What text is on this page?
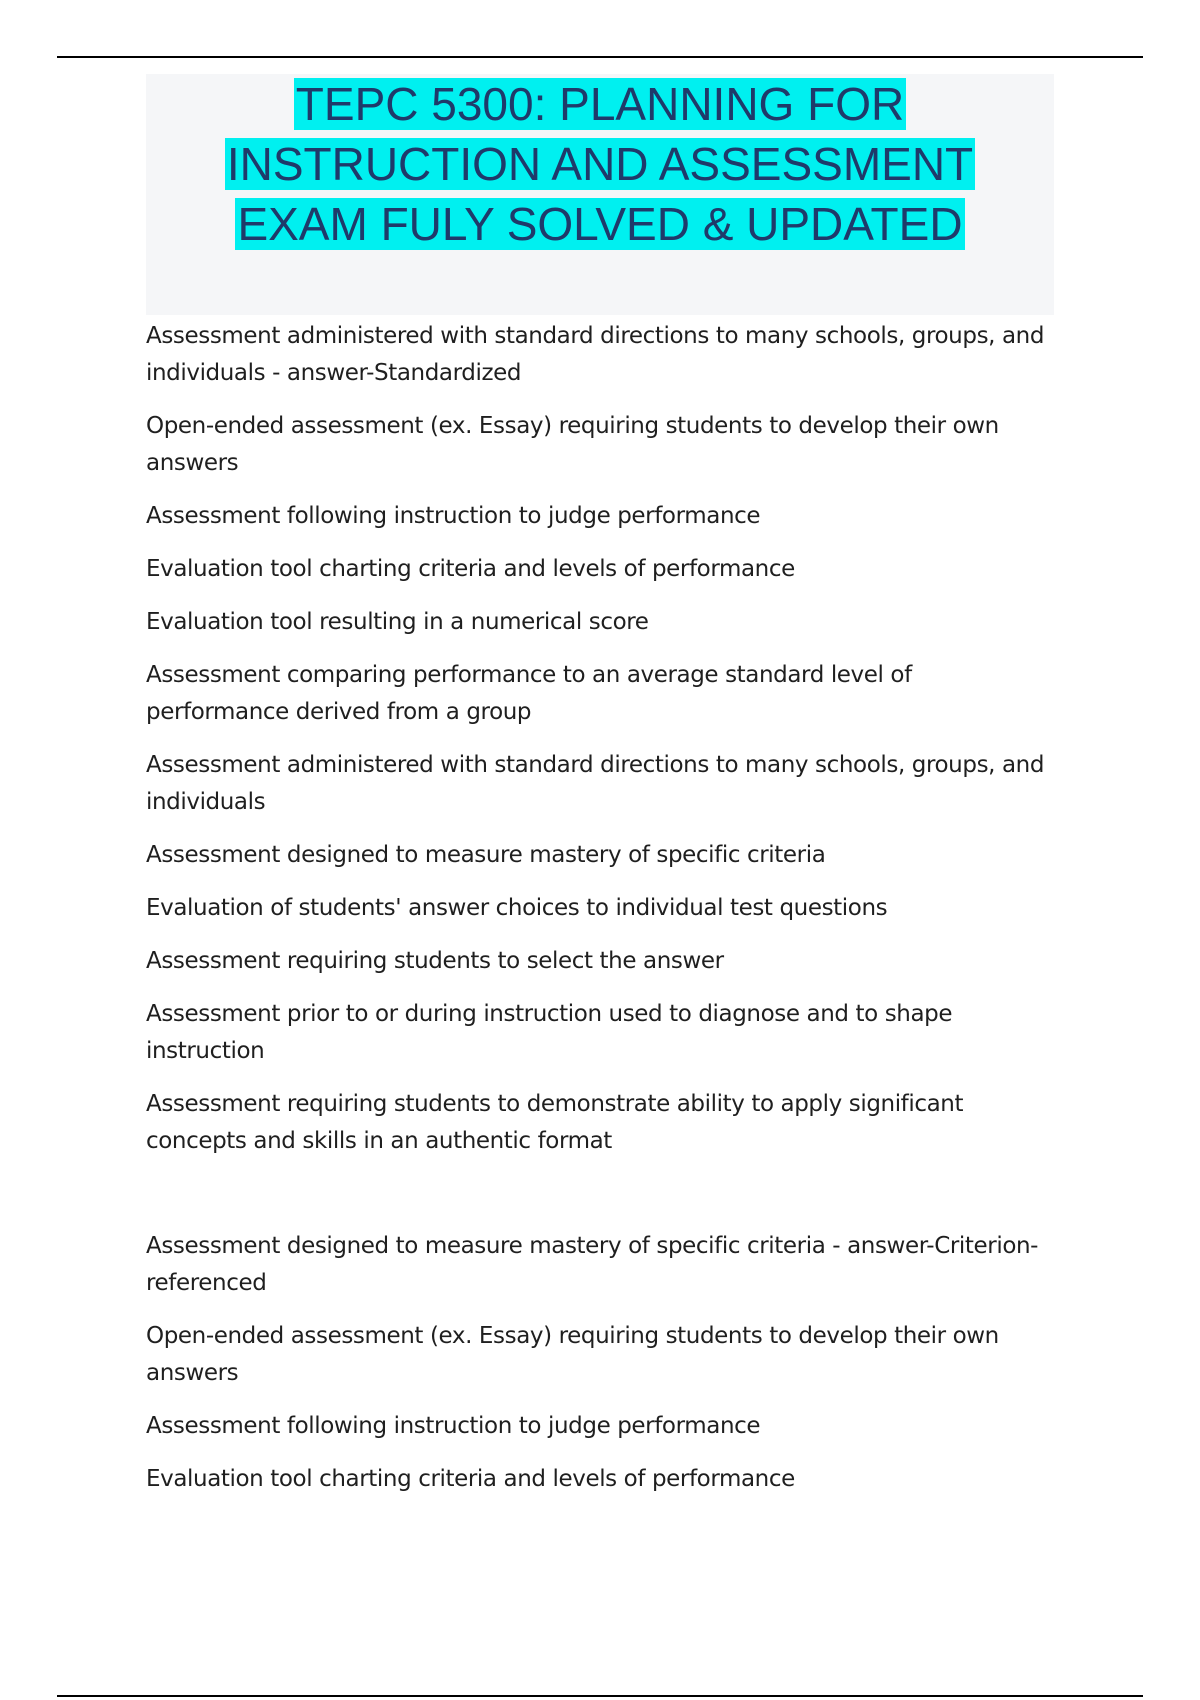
TEPC 5300: PLANNING FOR
INSTRUCTION AND ASSESSMENT
EXAM FULY SOLVED & UPDATED

Assessment administered with standard directions to many schools, groups, and individuals - answer-Standardized

Open-ended assessment (ex. Essay) requiring students to develop their own answers

Assessment following instruction to judge performance

Evaluation tool charting criteria and levels of performance

Evaluation tool resulting in a numerical score

Assessment comparing performance to an average standard level of performance derived from a group

Assessment administered with standard directions to many schools, groups, and individuals

Assessment designed to measure mastery of specific criteria

Evaluation of students' answer choices to individual test questions

Assessment requiring students to select the answer

Assessment prior to or during instruction used to diagnose and to shape instruction

Assessment requiring students to demonstrate ability to apply significant concepts and skills in an authentic format

Assessment designed to measure mastery of specific criteria - answer-Criterion-referenced

Open-ended assessment (ex. Essay) requiring students to develop their own answers

Assessment following instruction to judge performance

Evaluation tool charting criteria and levels of performance
